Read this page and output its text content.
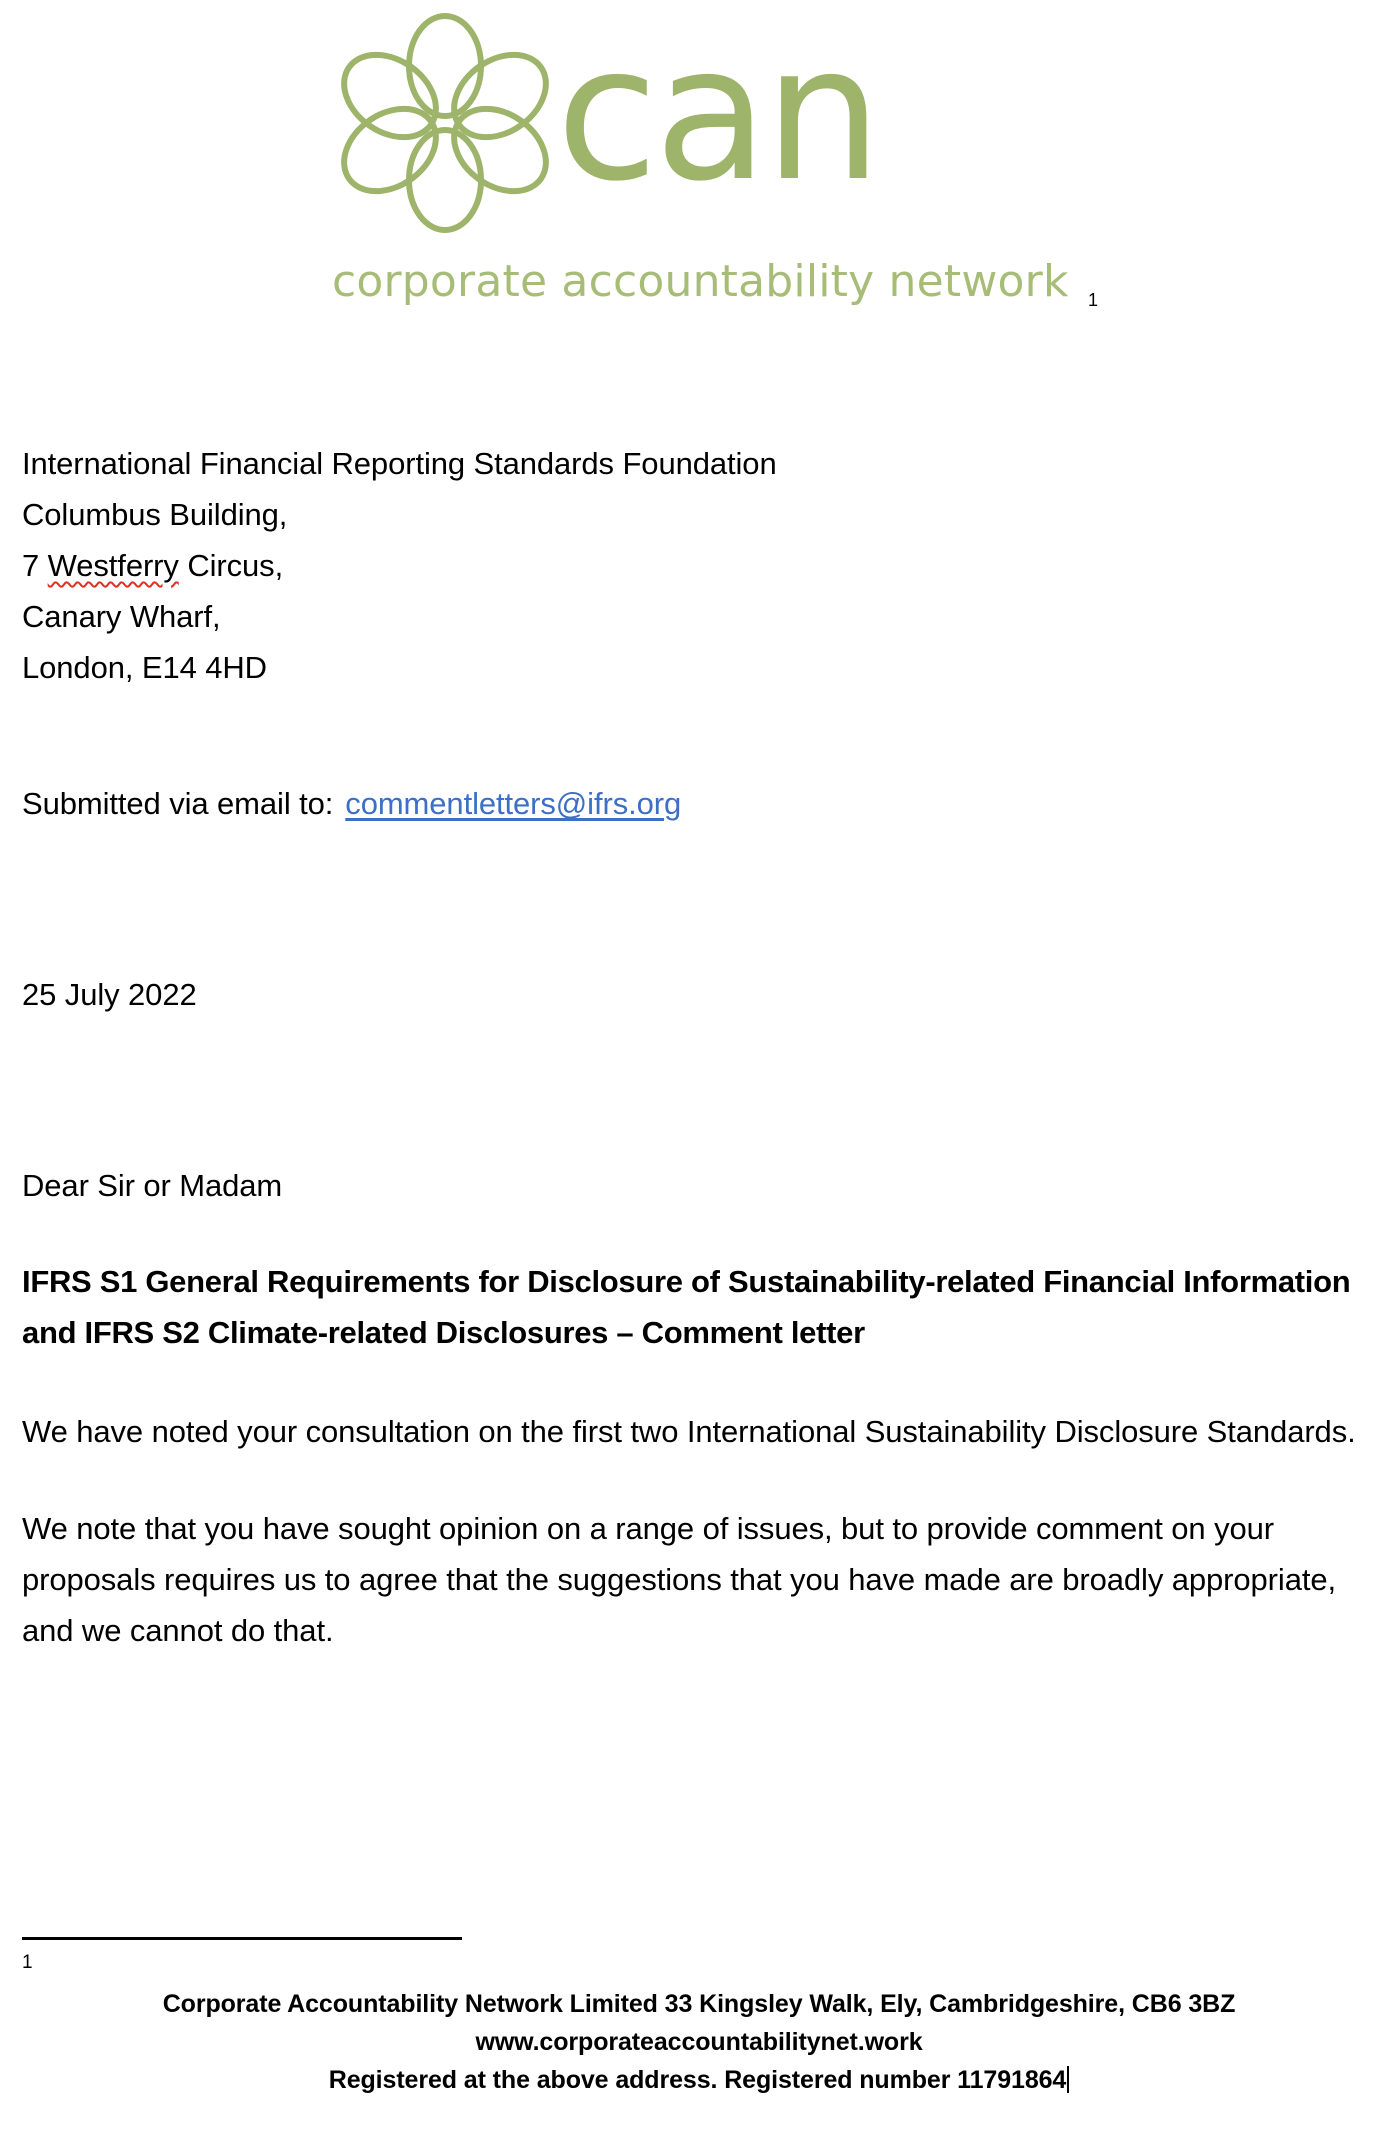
can
corporate accountability network 1
International Financial Reporting Standards Foundation
Columbus Building,
7 Westferry Circus,
Canary Wharf,
London, E14 4HD
Submitted via email to: commentletters@ifrs.org
25 July 2022
Dear Sir or Madam
IFRS S1 General Requirements for Disclosure of Sustainability-related Financial Information and IFRS S2 Climate-related Disclosures – Comment letter
We have noted your consultation on the first two International Sustainability Disclosure Standards.
We note that you have sought opinion on a range of issues, but to provide comment on your proposals requires us to agree that the suggestions that you have made are broadly appropriate, and we cannot do that.
1
Corporate Accountability Network Limited 33 Kingsley Walk, Ely, Cambridgeshire, CB6 3BZ
www.corporateaccountabilitynet.work
Registered at the above address. Registered number 11791864
